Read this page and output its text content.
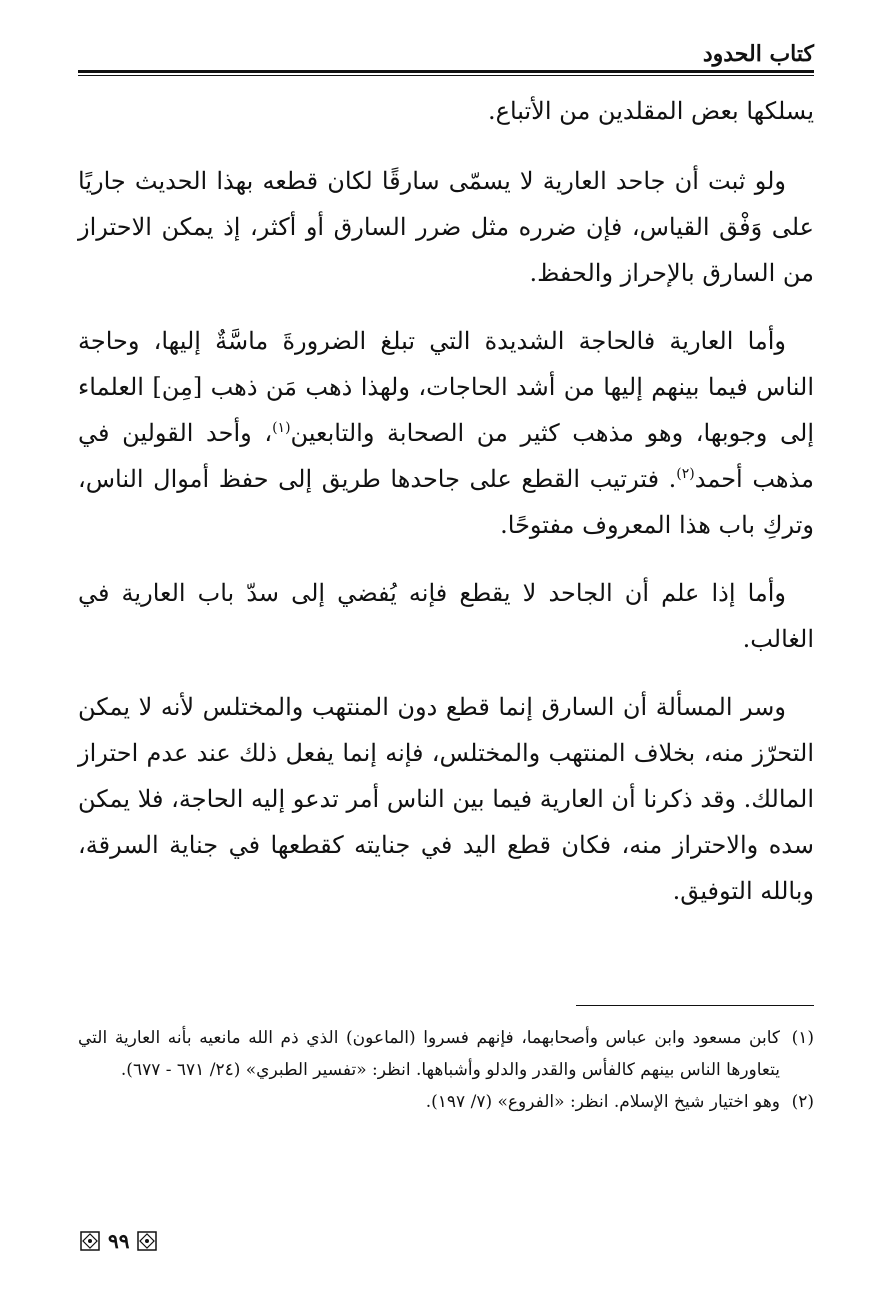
كتاب الحدود

يسلكها بعض المقلدين من الأتباع.

ولو ثبت أن جاحد العارية لا يسمّى سارقًا لكان قطعه بهذا الحديث جاريًا على وَفْق القياس، فإن ضرره مثل ضرر السارق أو أكثر، إذ يمكن الاحتراز من السارق بالإحراز والحفظ.

وأما العارية فالحاجة الشديدة التي تبلغ الضرورةَ ماسَّةٌ إليها، وحاجة الناس فيما بينهم إليها من أشد الحاجات، ولهذا ذهب مَن ذهب [مِن] العلماء إلى وجوبها، وهو مذهب كثير من الصحابة والتابعين$^{(١)}$، وأحد القولين في مذهب أحمد$^{(٢)}$. فترتيب القطع على جاحدها طريق إلى حفظ أموال الناس، وتركِ باب هذا المعروف مفتوحًا.

وأما إذا علم أن الجاحد لا يقطع فإنه يُفضي إلى سدّ باب العارية في الغالب.

وسر المسألة أن السارق إنما قطع دون المنتهب والمختلس لأنه لا يمكن التحرّز منه، بخلاف المنتهب والمختلس، فإنه إنما يفعل ذلك عند عدم احتراز المالك. وقد ذكرنا أن العارية فيما بين الناس أمر تدعو إليه الحاجة، فلا يمكن سده والاحتراز منه، فكان قطع اليد في جنايته كقطعها في جناية السرقة، وبالله التوفيق.

(١)
كابن مسعود وابن عباس وأصحابهما، فإنهم فسروا (الماعون) الذي ذم الله مانعيه بأنه العارية التي يتعاورها الناس بينهم كالفأس والقدر والدلو وأشباهها. انظر: «تفسير الطبري» (٢٤/ ٦٧١ - ٦٧٧).
(٢)
وهو اختيار شيخ الإسلام. انظر: «الفروع» (٧/ ١٩٧).
٩٩
